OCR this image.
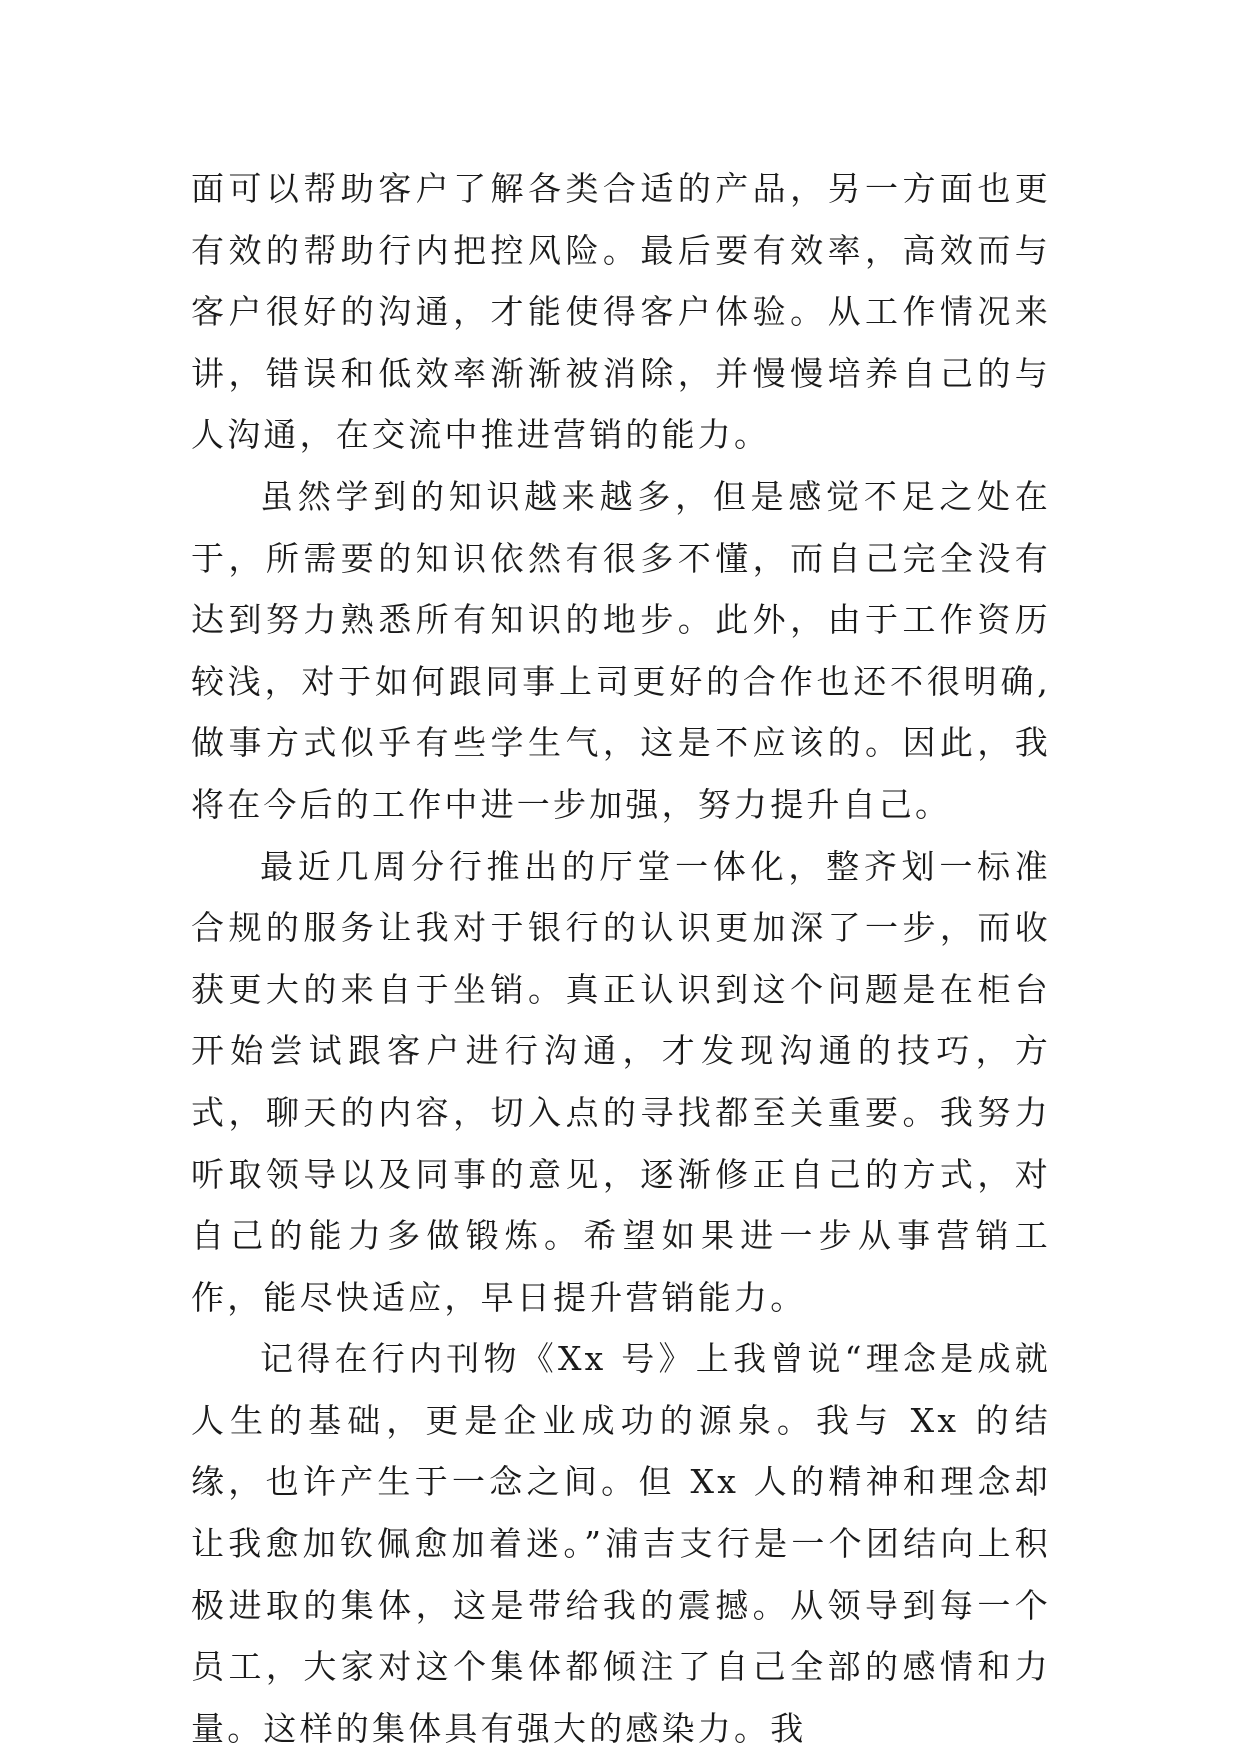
面可以帮助客户了解各类合适的产品，另一方面也更有效的帮助行内把控风险。最后要有效率，高效而与客户很好的沟通，才能使得客户体验。从工作情况来讲，错误和低效率渐渐被消除，并慢慢培养自己的与人沟通，在交流中推进营销的能力。

虽然学到的知识越来越多，但是感觉不足之处在于，所需要的知识依然有很多不懂，而自己完全没有达到努力熟悉所有知识的地步。此外，由于工作资历较浅，对于如何跟同事上司更好的合作也还不很明确,做事方式似乎有些学生气，这是不应该的。因此，我将在今后的工作中进一步加强，努力提升自己。

最近几周分行推出的厅堂一体化，整齐划一标准合规的服务让我对于银行的认识更加深了一步，而收获更大的来自于坐销。真正认识到这个问题是在柜台开始尝试跟客户进行沟通，才发现沟通的技巧，方式，聊天的内容，切入点的寻找都至关重要。我努力听取领导以及同事的意见，逐渐修正自己的方式，对自己的能力多做锻炼。希望如果进一步从事营销工作，能尽快适应，早日提升营销能力。

记得在行内刊物《Xx 号》上我曾说“理念是成就人生的基础，更是企业成功的源泉。我与 Xx 的结缘，也许产生于一念之间。但 Xx 人的精神和理念却让我愈加钦佩愈加着迷。”浦吉支行是一个团结向上积极进取的集体，这是带给我的震撼。从领导到每一个员工，大家对这个集体都倾注了自己全部的感情和力量。这样的集体具有强大的感染力。我
